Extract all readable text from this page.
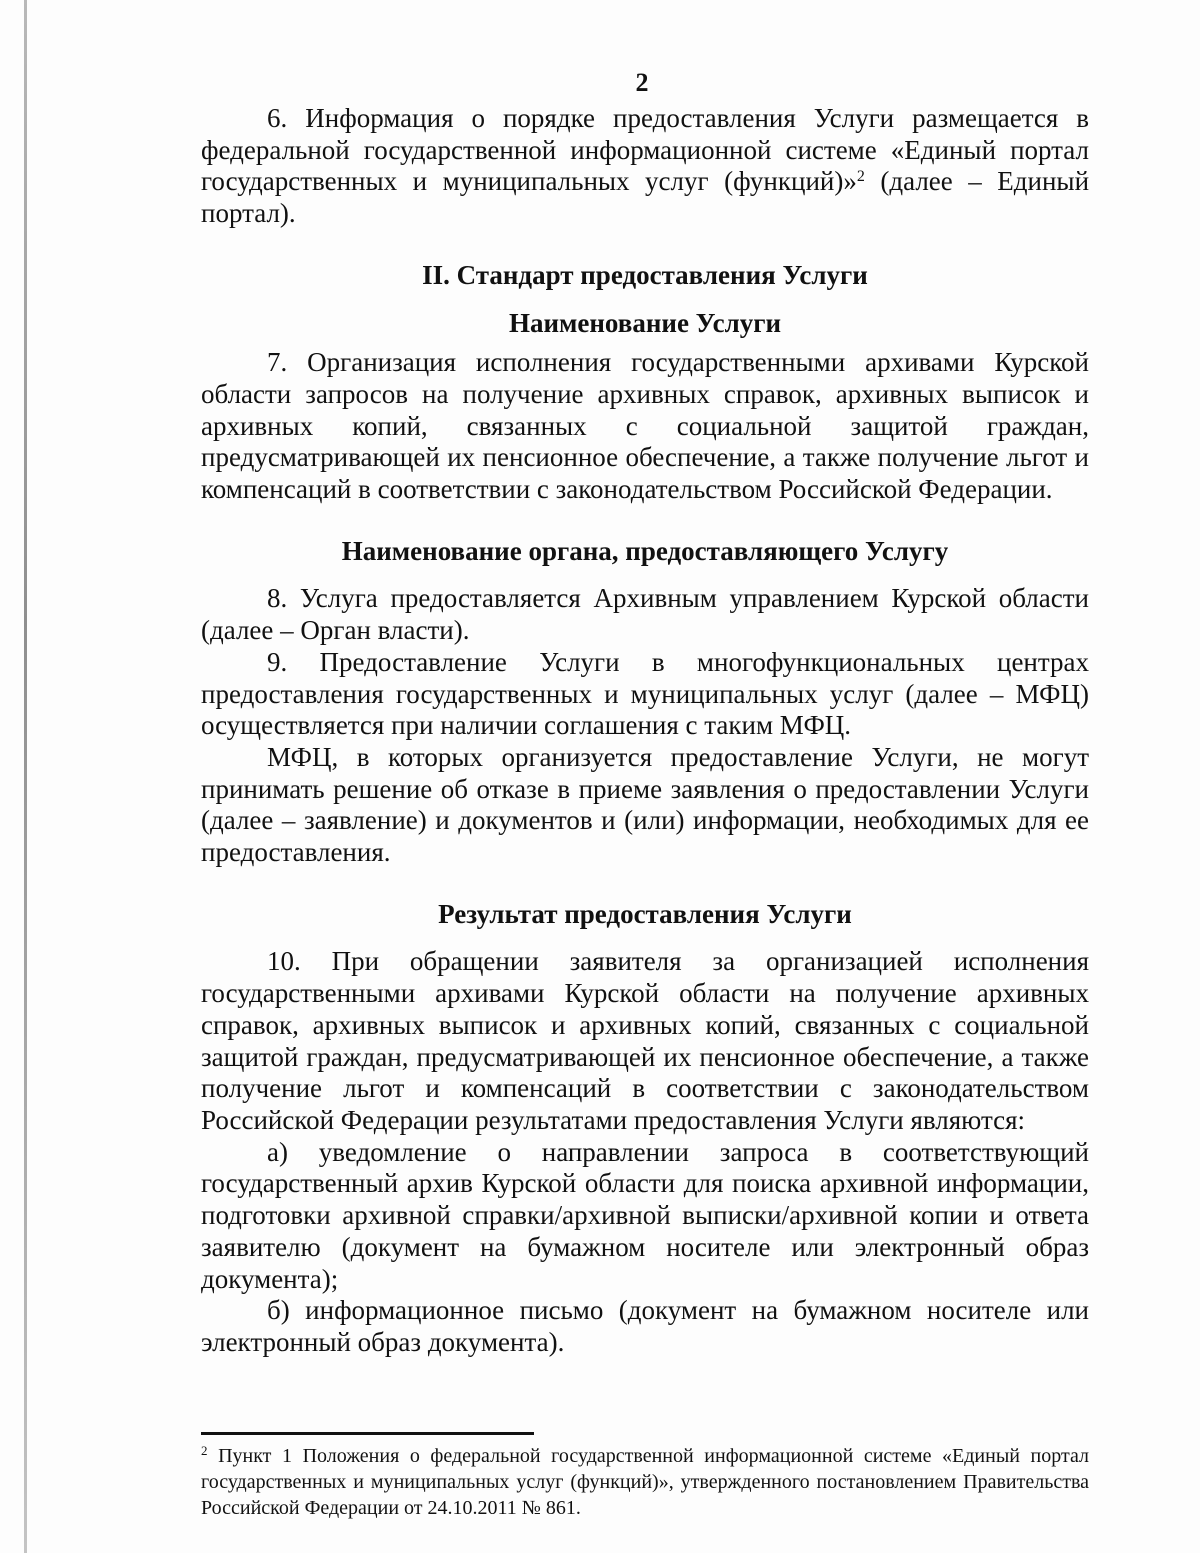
2

6. Информация о порядке предоставления Услуги размещается в федеральной государственной информационной системе «Единый портал государственных и муниципальных услуг (функций)»$^2$ (далее – Единый портал).

II. Стандарт предоставления Услуги
Наименование Услуги

7. Организация исполнения государственными архивами Курской области запросов на получение архивных справок, архивных выписок и архивных копий, связанных с социальной защитой граждан, предусматривающей их пенсионное обеспечение, а также получение льгот и компенсаций в соответствии с законодательством Российской Федерации.

Наименование органа, предоставляющего Услугу

8. Услуга предоставляется Архивным управлением Курской области (далее – Орган власти).

9. Предоставление Услуги в многофункциональных центрах предоставления государственных и муниципальных услуг (далее – МФЦ) осуществляется при наличии соглашения с таким МФЦ.

МФЦ, в которых организуется предоставление Услуги, не могут принимать решение об отказе в приеме заявления о предоставлении Услуги (далее – заявление) и документов и (или) информации, необходимых для ее предоставления.

Результат предоставления Услуги

10. При обращении заявителя за организацией исполнения государственными архивами Курской области на получение архивных справок, архивных выписок и архивных копий, связанных с социальной защитой граждан, предусматривающей их пенсионное обеспечение, а также получение льгот и компенсаций в соответствии с законодательством Российской Федерации результатами предоставления Услуги являются:

а) уведомление о направлении запроса в соответствующий государственный архив Курской области для поиска архивной информации, подготовки архивной справки/архивной выписки/архивной копии и ответа заявителю (документ на бумажном носителе или электронный образ документа);

б) информационное письмо (документ на бумажном носителе или электронный образ документа).

$^2$ Пункт 1 Положения о федеральной государственной информационной системе «Единый портал государственных и муниципальных услуг (функций)», утвержденного постановлением Правительства Российской Федерации от 24.10.2011 № 861.
